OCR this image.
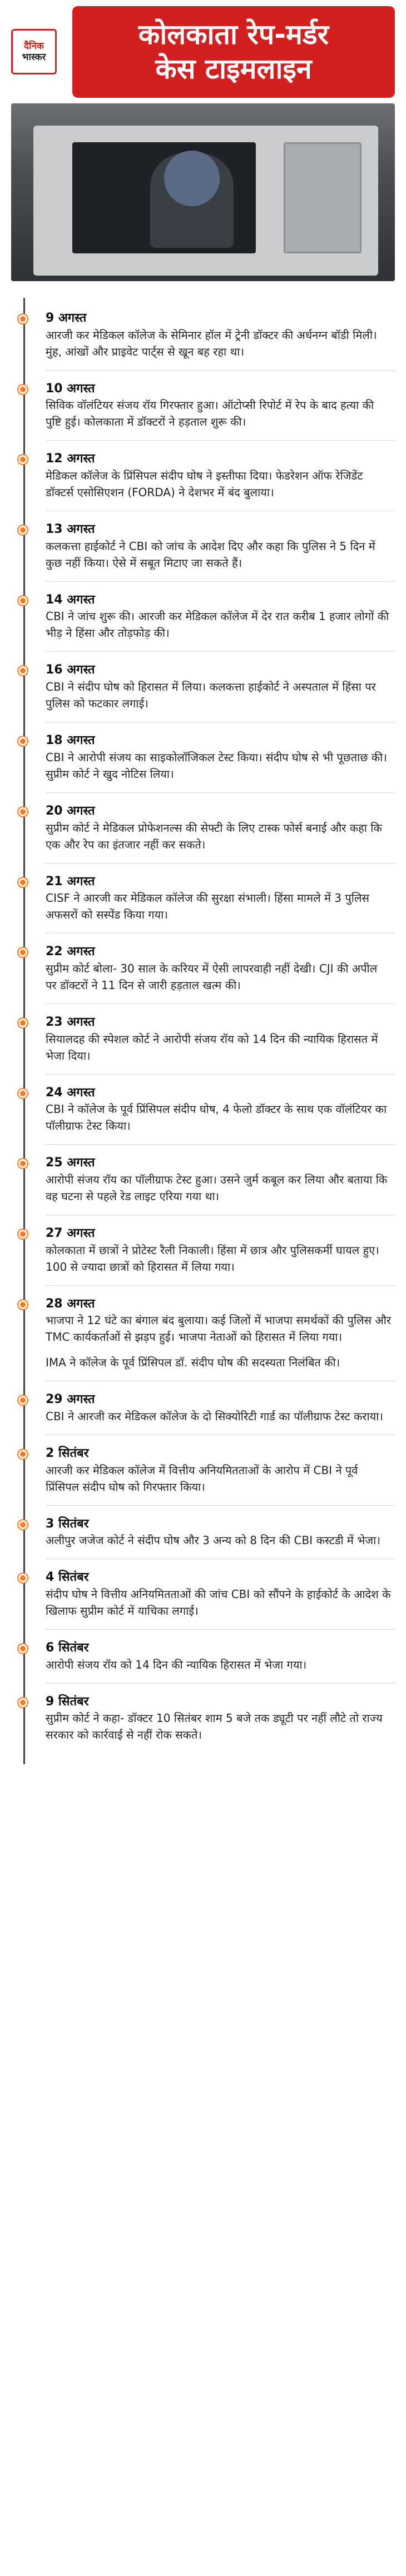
दैनिक
भास्कर
कोलकाता रेप-मर्डर
केस टाइमलाइन
9 अगस्त
आरजी कर मेडिकल कॉलेज के सेमिनार हॉल में ट्रेनी डॉक्टर की अर्धनग्न बॉडी मिली। मुंह, आंखों और प्राइवेट पार्ट्स से खून बह रहा था।
10 अगस्त
सिविक वॉलंटियर संजय रॉय गिरफ्तार हुआ। ऑटोप्सी रिपोर्ट में रेप के बाद हत्या की पुष्टि हुई। कोलकाता में डॉक्टरों ने हड़ताल शुरू की।
12 अगस्त
मेडिकल कॉलेज के प्रिंसिपल संदीप घोष ने इस्तीफा दिया। फेडरेशन ऑफ रेजिडेंट डॉक्टर्स एसोसिएशन (FORDA) ने देशभर में बंद बुलाया।
13 अगस्त
कलकत्ता हाईकोर्ट ने CBI को जांच के आदेश दिए और कहा कि पुलिस ने 5 दिन में कुछ नहीं किया। ऐसे में सबूत मिटाए जा सकते हैं।
14 अगस्त
CBI ने जांच शुरू की। आरजी कर मेडिकल कॉलेज में देर रात करीब 1 हजार लोगों की भीड़ ने हिंसा और तोड़फोड़ की।
16 अगस्त
CBI ने संदीप घोष को हिरासत में लिया। कलकत्ता हाईकोर्ट ने अस्पताल में हिंसा पर पुलिस को फटकार लगाई।
18 अगस्त
CBI ने आरोपी संजय का साइकोलॉजिकल टेस्ट किया। संदीप घोष से भी पूछताछ की। सुप्रीम कोर्ट ने खुद नोटिस लिया।
20 अगस्त
सुप्रीम कोर्ट ने मेडिकल प्रोफेशनल्स की सेफ्टी के लिए टास्क फोर्स बनाई और कहा कि एक और रेप का इंतजार नहीं कर सकते।
21 अगस्त
CISF ने आरजी कर मेडिकल कॉलेज की सुरक्षा संभाली। हिंसा मामले में 3 पुलिस अफसरों को सस्पेंड किया गया।
22 अगस्त
सुप्रीम कोर्ट बोला- 30 साल के करियर में ऐसी लापरवाही नहीं देखी। CJI की अपील पर डॉक्टरों ने 11 दिन से जारी हड़ताल खत्म की।
23 अगस्त
सियालदह की स्पेशल कोर्ट ने आरोपी संजय रॉय को 14 दिन की न्यायिक हिरासत में भेजा दिया।
24 अगस्त
CBI ने कॉलेज के पूर्व प्रिंसिपल संदीप घोष, 4 फेलो डॉक्टर के साथ एक वॉलंटियर का पॉलीग्राफ टेस्ट किया।
25 अगस्त
आरोपी संजय रॉय का पॉलीग्राफ टेस्ट हुआ। उसने जुर्म कबूल कर लिया और बताया कि वह घटना से पहले रेड लाइट एरिया गया था।
27 अगस्त
कोलकाता में छात्रों ने प्रोटेस्ट रैली निकाली। हिंसा में छात्र और पुलिसकर्मी घायल हुए। 100 से ज्यादा छात्रों को हिरासत में लिया गया।
28 अगस्त
भाजपा ने 12 घंटे का बंगाल बंद बुलाया। कई जिलों में भाजपा समर्थकों की पुलिस और TMC कार्यकर्ताओं से झड़प हुई। भाजपा नेताओं को हिरासत में लिया गया।
IMA ने कॉलेज के पूर्व प्रिंसिपल डॉ. संदीप घोष की सदस्यता निलंबित की।
29 अगस्त
CBI ने आरजी कर मेडिकल कॉलेज के दो सिक्योरिटी गार्ड का पॉलीग्राफ टेस्ट कराया।
2 सितंबर
आरजी कर मेडिकल कॉलेज में वित्तीय अनियमितताओं के आरोप में CBI ने पूर्व प्रिंसिपल संदीप घोष को गिरफ्तार किया।
3 सितंबर
अलीपुर जजेज कोर्ट ने संदीप घोष और 3 अन्य को 8 दिन की CBI कस्टडी में भेजा।
4 सितंबर
संदीप घोष ने वित्तीय अनियमितताओं की जांच CBI को सौंपने के हाईकोर्ट के आदेश के खिलाफ सुप्रीम कोर्ट में याचिका लगाई।
6 सितंबर
आरोपी संजय रॉय को 14 दिन की न्यायिक हिरासत में भेजा गया।
9 सितंबर
सुप्रीम कोर्ट ने कहा- डॉक्टर 10 सितंबर शाम 5 बजे तक ड्यूटी पर नहीं लौटे तो राज्य सरकार को कार्रवाई से नहीं रोक सकते।
